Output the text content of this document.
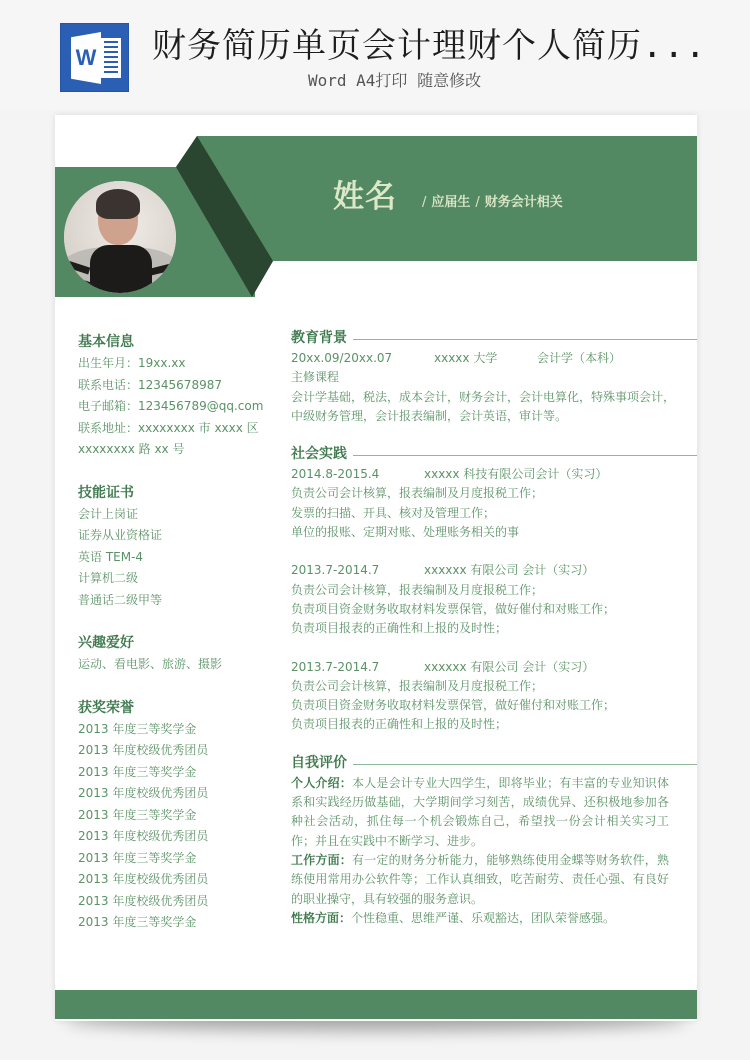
W 财务简历单页会计理财个人简历...
Word A4打印 随意修改
姓名	/ 应届生 / 财务会计相关
基本信息
出生年月：19xx.xx
联系电话：12345678987
电子邮箱：123456789@qq.com
联系地址：xxxxxxxx 市 xxxx 区
xxxxxxxx 路 xx 号
技能证书
会计上岗证
证券从业资格证
英语 TEM-4
计算机二级
普通话二级甲等
兴趣爱好
运动、看电影、旅游、摄影
获奖荣誉
2013 年度三等奖学金
2013 年度校级优秀团员
2013 年度三等奖学金
2013 年度校级优秀团员
2013 年度三等奖学金
2013 年度校级优秀团员
2013 年度三等奖学金
2013 年度校级优秀团员
2013 年度校级优秀团员
2013 年度三等奖学金
教育背景
20xx.09/20xx.07	xxxxx 大学	会计学（本科）
主修课程
会计学基础，税法，成本会计，财务会计，会计电算化，特殊事项会计，
中级财务管理，会计报表编制，会计英语，审计等。
社会实践
2014.8-2015.4	xxxxx 科技有限公司会计（实习）
负责公司会计核算，报表编制及月度报税工作；
发票的扫描、开具、核对及管理工作；
单位的报账、定期对账、处理账务相关的事
2013.7-2014.7	xxxxxx 有限公司 会计（实习）
负责公司会计核算，报表编制及月度报税工作；
负责项目资金财务收取材料发票保管，做好催付和对账工作；
负责项目报表的正确性和上报的及时性；
2013.7-2014.7	xxxxxx 有限公司 会计（实习）
负责公司会计核算，报表编制及月度报税工作；
负责项目资金财务收取材料发票保管，做好催付和对账工作；
负责项目报表的正确性和上报的及时性；
自我评价
个人介绍：本人是会计专业大四学生，即将毕业；有丰富的专业知识体系和实践经历做基础，大学期间学习刻苦，成绩优异、还积极地参加各种社会活动，抓住每一个机会锻炼自己，希望找一份会计相关实习工作；并且在实践中不断学习、进步。
工作方面：有一定的财务分析能力，能够熟练使用金蝶等财务软件，熟练使用常用办公软件等；工作认真细致，吃苦耐劳、责任心强、有良好的职业操守，具有较强的服务意识。
性格方面：个性稳重、思维严谨、乐观豁达，团队荣誉感强。
